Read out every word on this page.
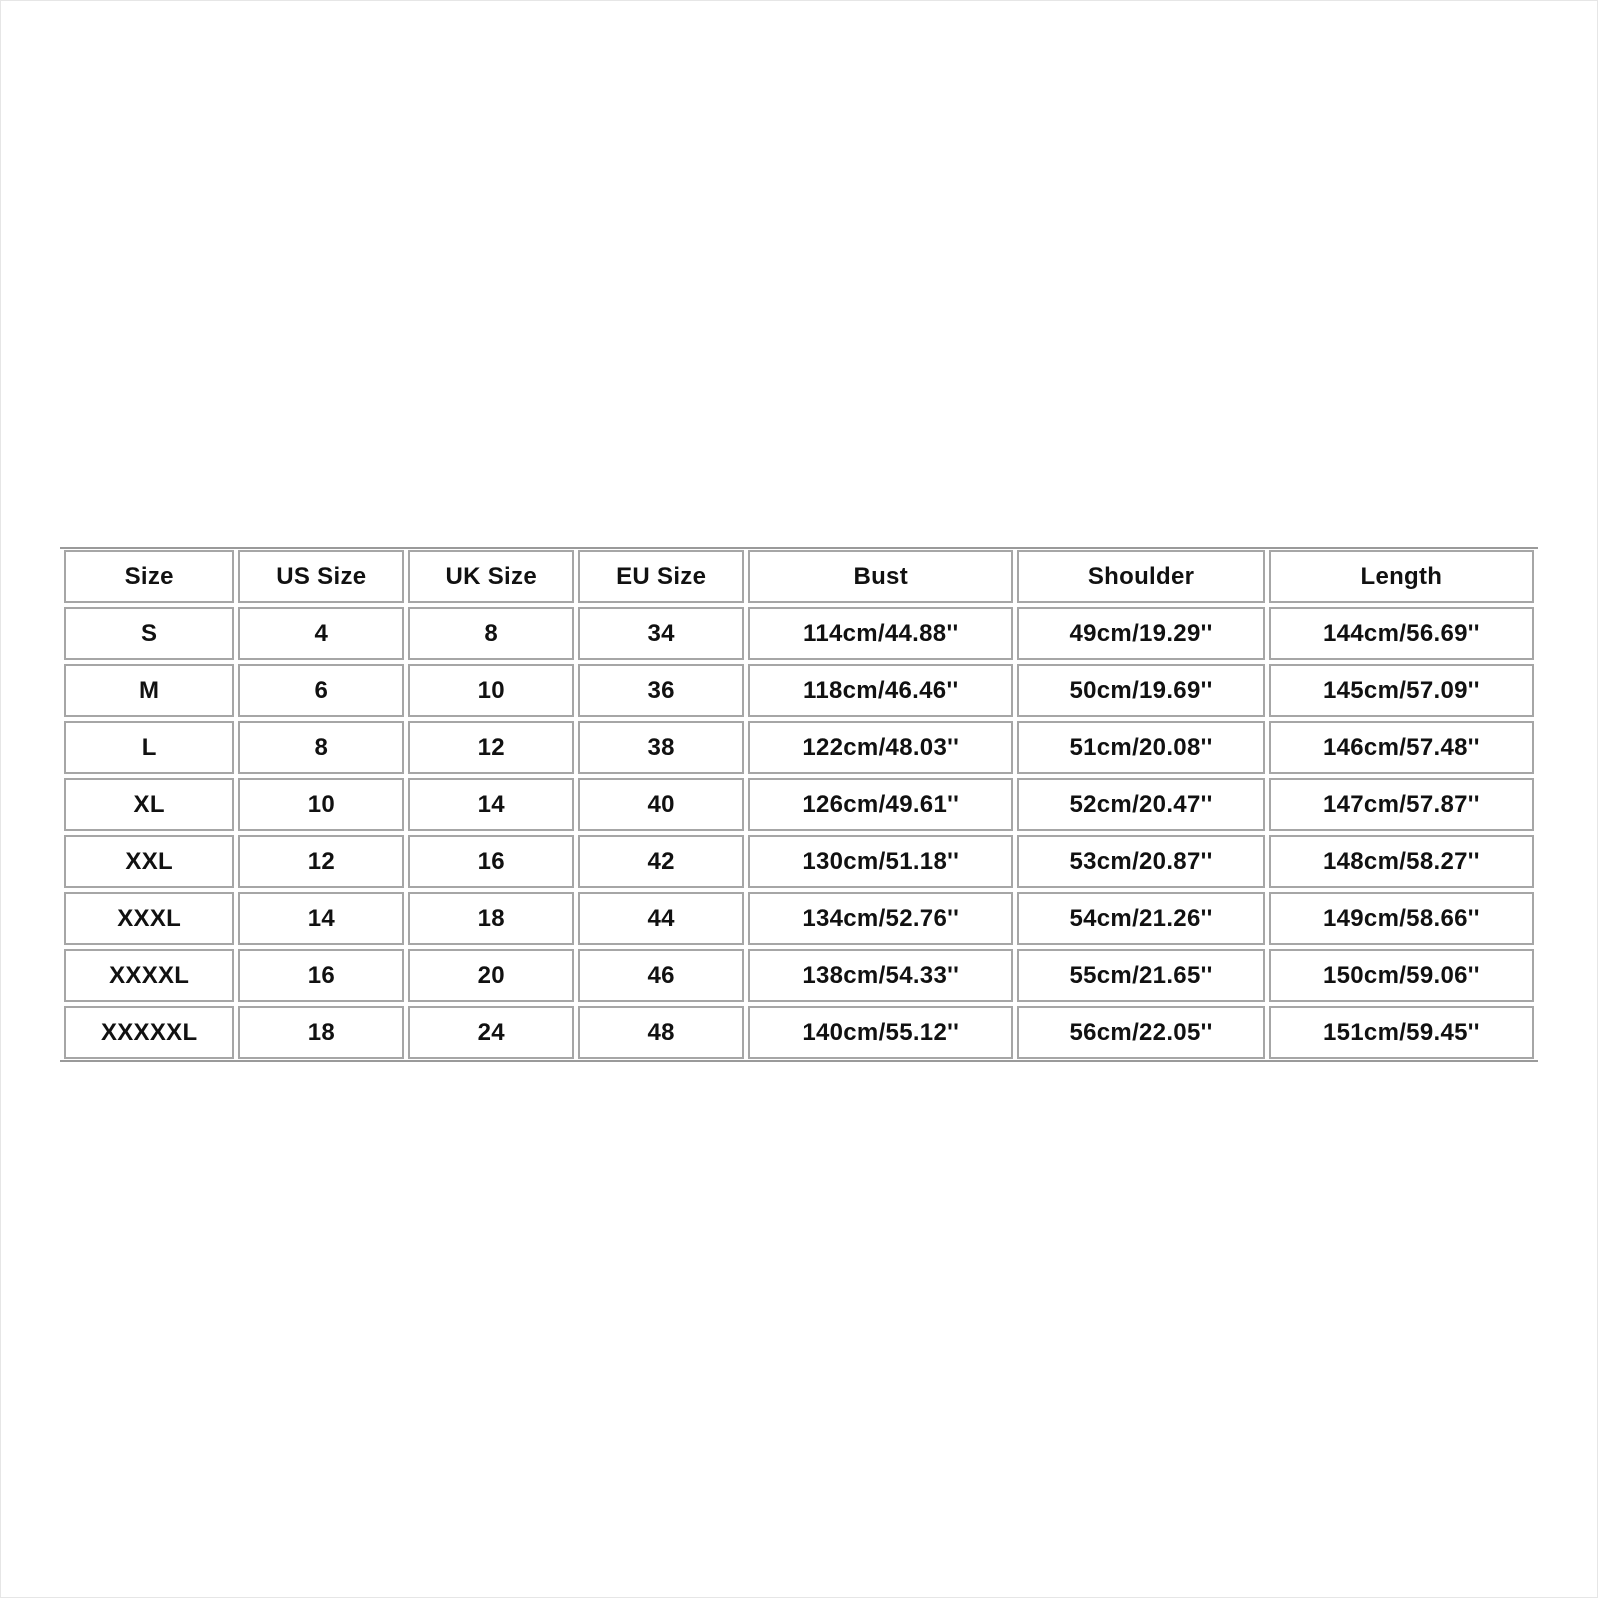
Size	US Size	UK Size	EU Size	Bust	Shoulder	Length
S	4	8	34	114cm/44.88''	49cm/19.29''	144cm/56.69''
M	6	10	36	118cm/46.46''	50cm/19.69''	145cm/57.09''
L	8	12	38	122cm/48.03''	51cm/20.08''	146cm/57.48''
XL	10	14	40	126cm/49.61''	52cm/20.47''	147cm/57.87''
XXL	12	16	42	130cm/51.18''	53cm/20.87''	148cm/58.27''
XXXL	14	18	44	134cm/52.76''	54cm/21.26''	149cm/58.66''
XXXXL	16	20	46	138cm/54.33''	55cm/21.65''	150cm/59.06''
XXXXXL	18	24	48	140cm/55.12''	56cm/22.05''	151cm/59.45''
